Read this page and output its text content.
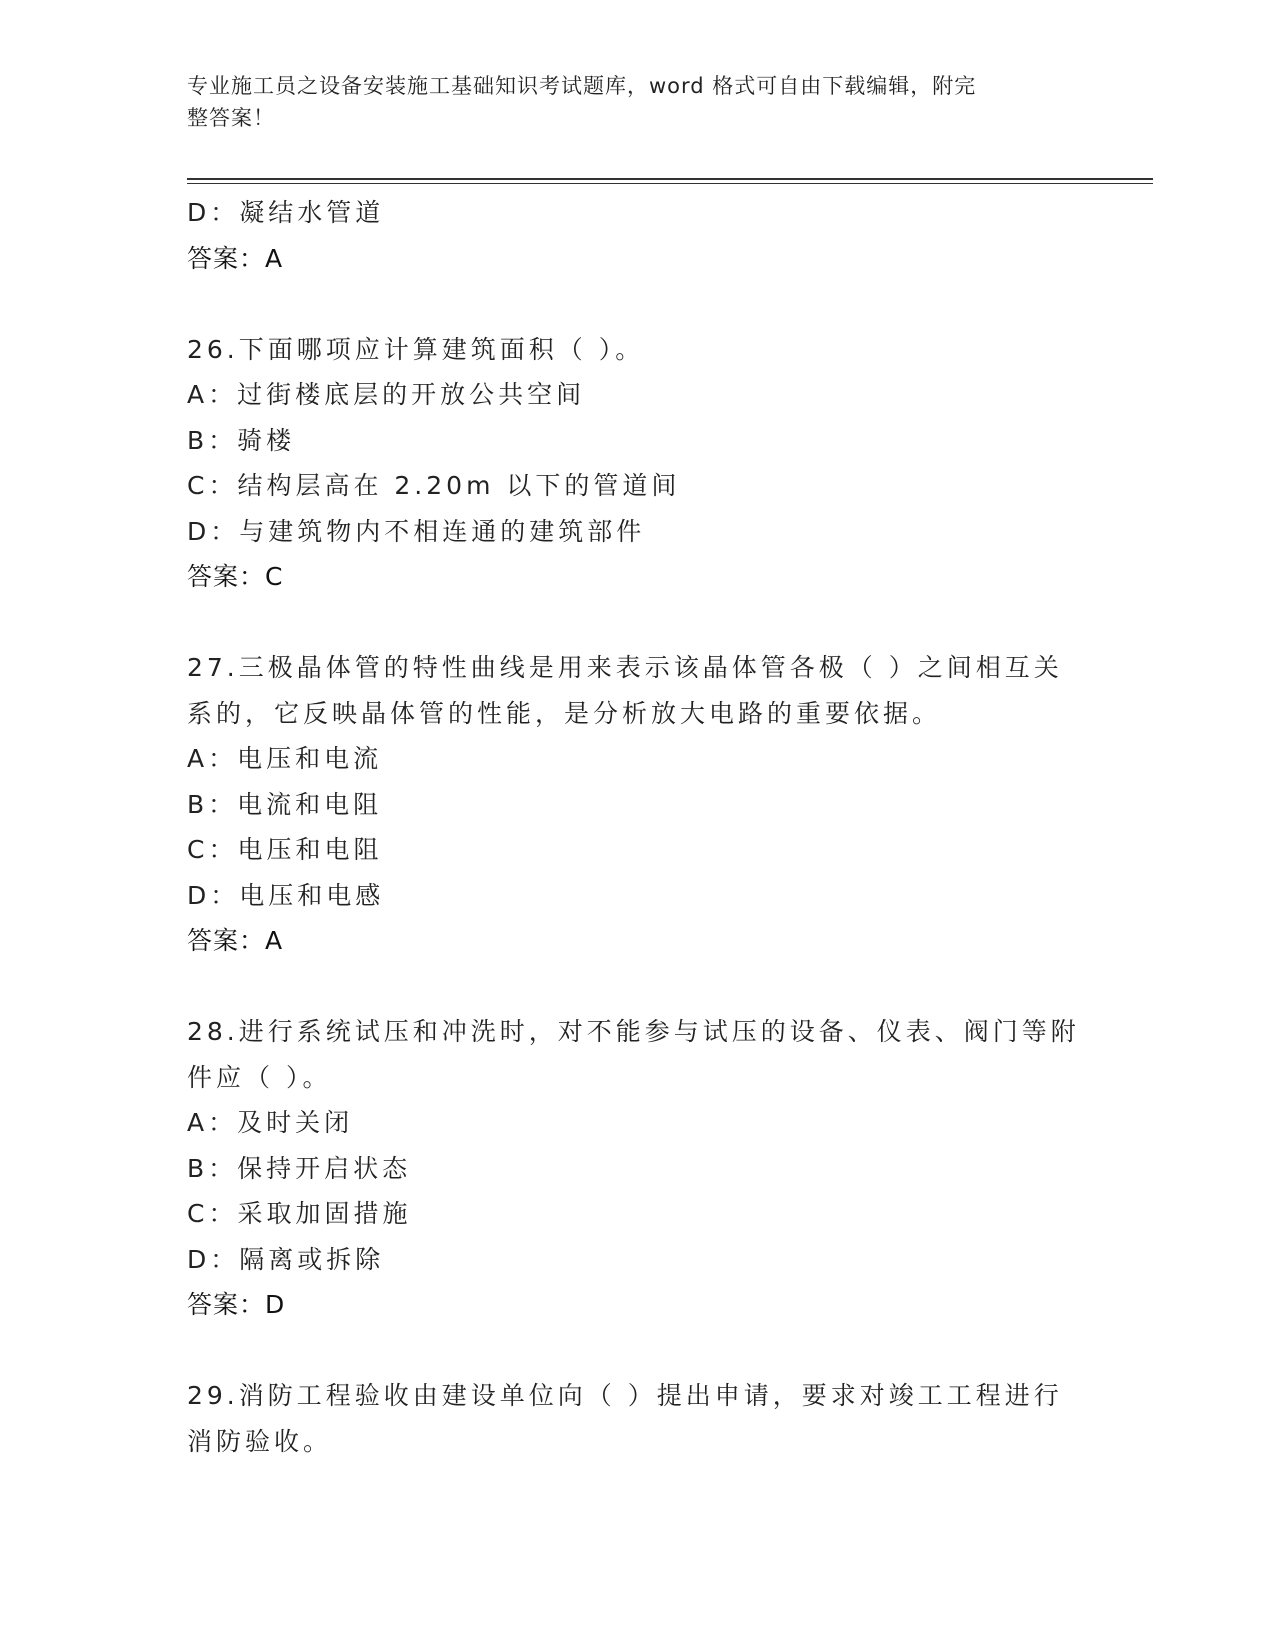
专业施工员之设备安装施工基础知识考试题库，word 格式可自由下载编辑，附完
整答案！
D：凝结水管道
答案：A
26.下面哪项应计算建筑面积（ ）。
A：过街楼底层的开放公共空间
B：骑楼
C：结构层高在 2.20m 以下的管道间
D：与建筑物内不相连通的建筑部件
答案：C
27.三极晶体管的特性曲线是用来表示该晶体管各极（ ）之间相互关
系的，它反映晶体管的性能，是分析放大电路的重要依据。
A：电压和电流
B：电流和电阻
C：电压和电阻
D：电压和电感
答案：A
28.进行系统试压和冲洗时，对不能参与试压的设备、仪表、阀门等附
件应（ ）。
A：及时关闭
B：保持开启状态
C：采取加固措施
D：隔离或拆除
答案：D
29.消防工程验收由建设单位向（ ）提出申请，要求对竣工工程进行
消防验收。
